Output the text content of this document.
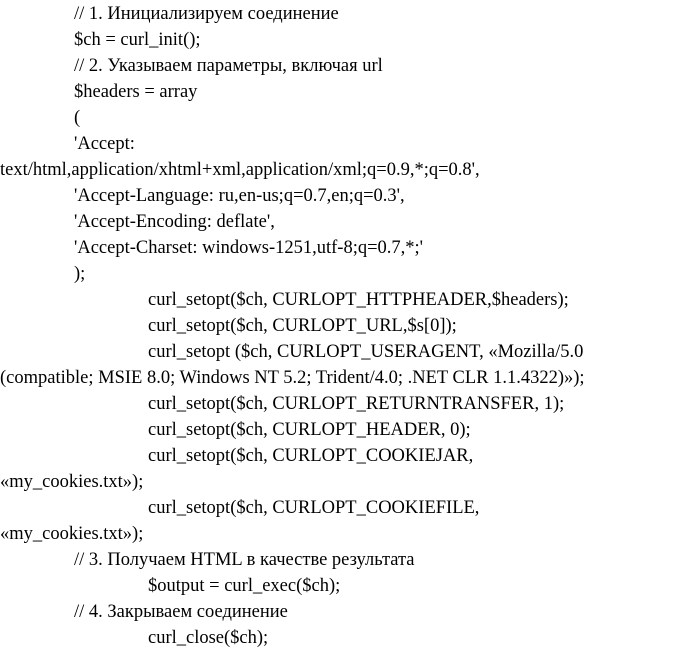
// 1. Инициализируем соединение
$ch = curl_init();
// 2. Указываем параметры, включая url
$headers = array
(
'Accept:
text/html,application/xhtml+xml,application/xml;q=0.9,*;q=0.8',
'Accept-Language: ru,en-us;q=0.7,en;q=0.3',
'Accept-Encoding: deflate',
'Accept-Charset: windows-1251,utf-8;q=0.7,*;'
);
curl_setopt($ch, CURLOPT_HTTPHEADER,$headers);
curl_setopt($ch, CURLOPT_URL,$s[0]);
curl_setopt ($ch, CURLOPT_USERAGENT, «Mozilla/5.0
(compatible; MSIE 8.0; Windows NT 5.2; Trident/4.0; .NET CLR 1.1.4322)»);
curl_setopt($ch, CURLOPT_RETURNTRANSFER, 1);
curl_setopt($ch, CURLOPT_HEADER, 0);
curl_setopt($ch, CURLOPT_COOKIEJAR,
«my_cookies.txt»);
curl_setopt($ch, CURLOPT_COOKIEFILE,
«my_cookies.txt»);
// 3. Получаем HTML в качестве результата
$output = curl_exec($ch);
// 4. Закрываем соединение
curl_close($ch);
